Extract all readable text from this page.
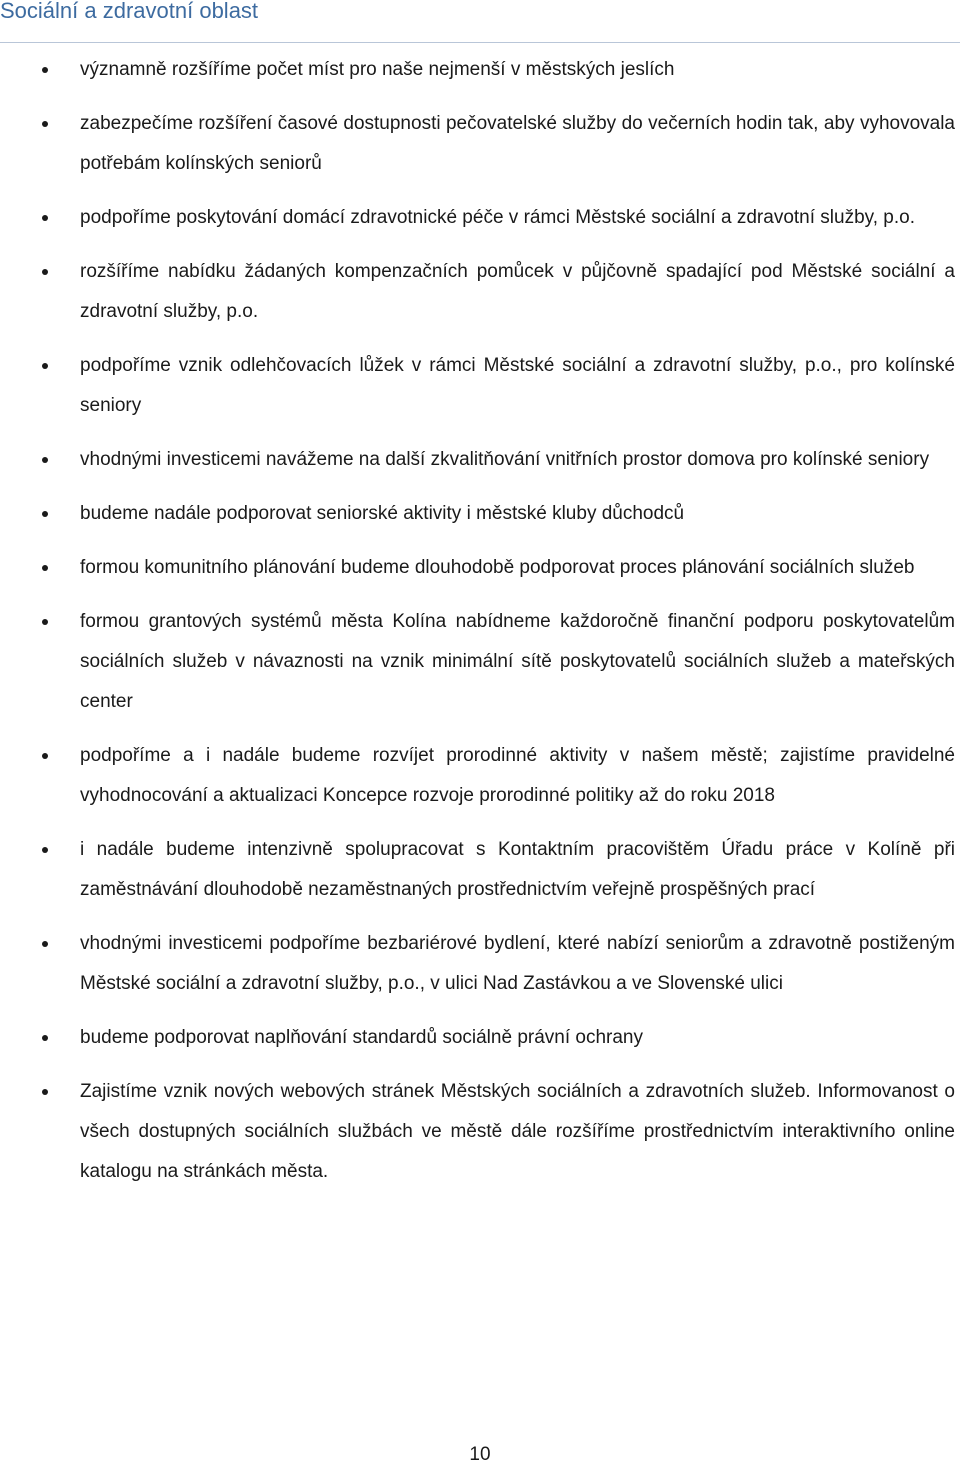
Sociální a zdravotní oblast
významně rozšíříme počet míst pro naše nejmenší v městských jeslích
zabezpečíme rozšíření časové dostupnosti pečovatelské služby do večerních hodin tak, aby vyhovovala potřebám kolínských seniorů
podpoříme poskytování domácí zdravotnické péče v rámci Městské sociální a zdravotní služby, p.o.
rozšíříme nabídku žádaných kompenzačních pomůcek v půjčovně spadající pod Městské sociální a zdravotní služby, p.o.
podpoříme vznik odlehčovacích lůžek v rámci Městské sociální a zdravotní služby, p.o., pro kolínské seniory
vhodnými investicemi navážeme na další zkvalitňování vnitřních prostor domova pro kolínské seniory
budeme nadále podporovat seniorské aktivity i městské kluby důchodců
formou komunitního plánování budeme dlouhodobě podporovat proces plánování sociálních služeb
formou grantových systémů města Kolína nabídneme každoročně finanční podporu poskytovatelům sociálních služeb v návaznosti na vznik minimální sítě poskytovatelů sociálních služeb a mateřských center
podpoříme a i nadále budeme rozvíjet prorodinné aktivity v našem městě; zajistíme pravidelné vyhodnocování a aktualizaci Koncepce rozvoje prorodinné politiky až do roku 2018
i nadále budeme intenzivně spolupracovat s Kontaktním pracovištěm Úřadu práce v Kolíně při zaměstnávání dlouhodobě nezaměstnaných prostřednictvím veřejně prospěšných prací
vhodnými investicemi podpoříme bezbariérové bydlení, které nabízí seniorům a zdravotně postiženým Městské sociální a zdravotní služby, p.o., v ulici Nad Zastávkou a ve Slovenské ulici
budeme podporovat naplňování standardů sociálně právní ochrany
Zajistíme vznik nových webových stránek Městských sociálních a zdravotních služeb. Informovanost o všech dostupných sociálních službách ve městě dále rozšíříme prostřednictvím interaktivního online katalogu na stránkách města.
10
